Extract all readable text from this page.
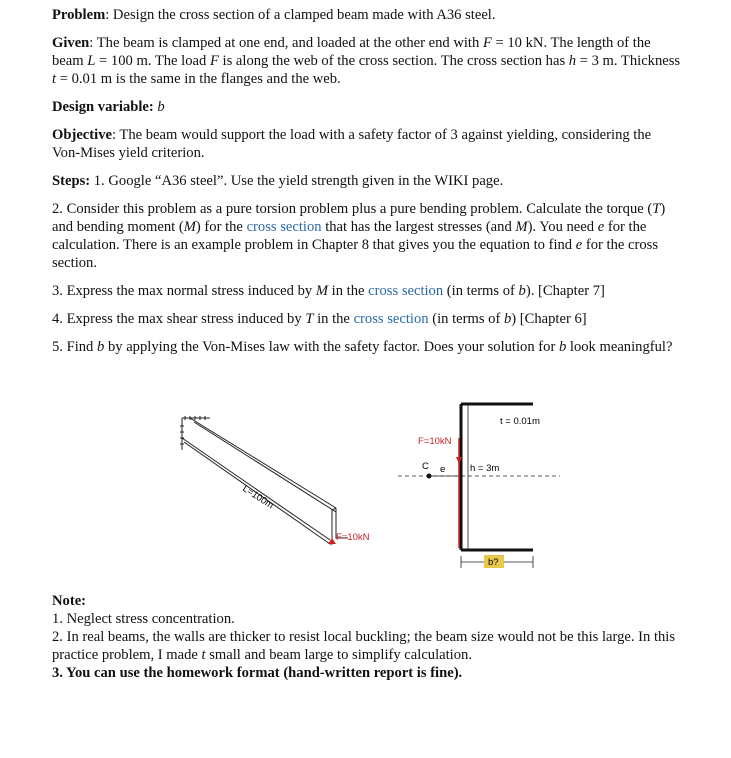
Problem: Design the cross section of a clamped beam made with A36 steel.

Given: The beam is clamped at one end, and loaded at the other end with F = 10 kN. The length of the beam L = 100 m. The load F is along the web of the cross section. The cross section has h = 3 m. Thickness t = 0.01 m is the same in the flanges and the web.

Design variable: b

Objective: The beam would support the load with a safety factor of 3 against yielding, considering the Von-Mises yield criterion.

Steps: 1. Google “A36 steel”. Use the yield strength given in the WIKI page.

2. Consider this problem as a pure torsion problem plus a pure bending problem. Calculate the torque (T) and bending moment (M) for the cross section that has the largest stresses (and M). You need e for the calculation. There is an example problem in Chapter 8 that gives you the equation to find e for the cross section.

3. Express the max normal stress induced by M in the cross section (in terms of b). [Chapter 7]

4. Express the max shear stress induced by T in the cross section (in terms of b) [Chapter 6]

5. Find b by applying the Von-Mises law with the safety factor. Does your solution for b look meaningful?

L=100m
F=10kN
F=10kN
C e	h = 3m
t = 0.01m
b?

Note:

1. Neglect stress concentration.

2. In real beams, the walls are thicker to resist local buckling; the beam size would not be this large. In this practice problem, I made t small and beam large to simplify calculation.

3. You can use the homework format (hand-written report is fine).
